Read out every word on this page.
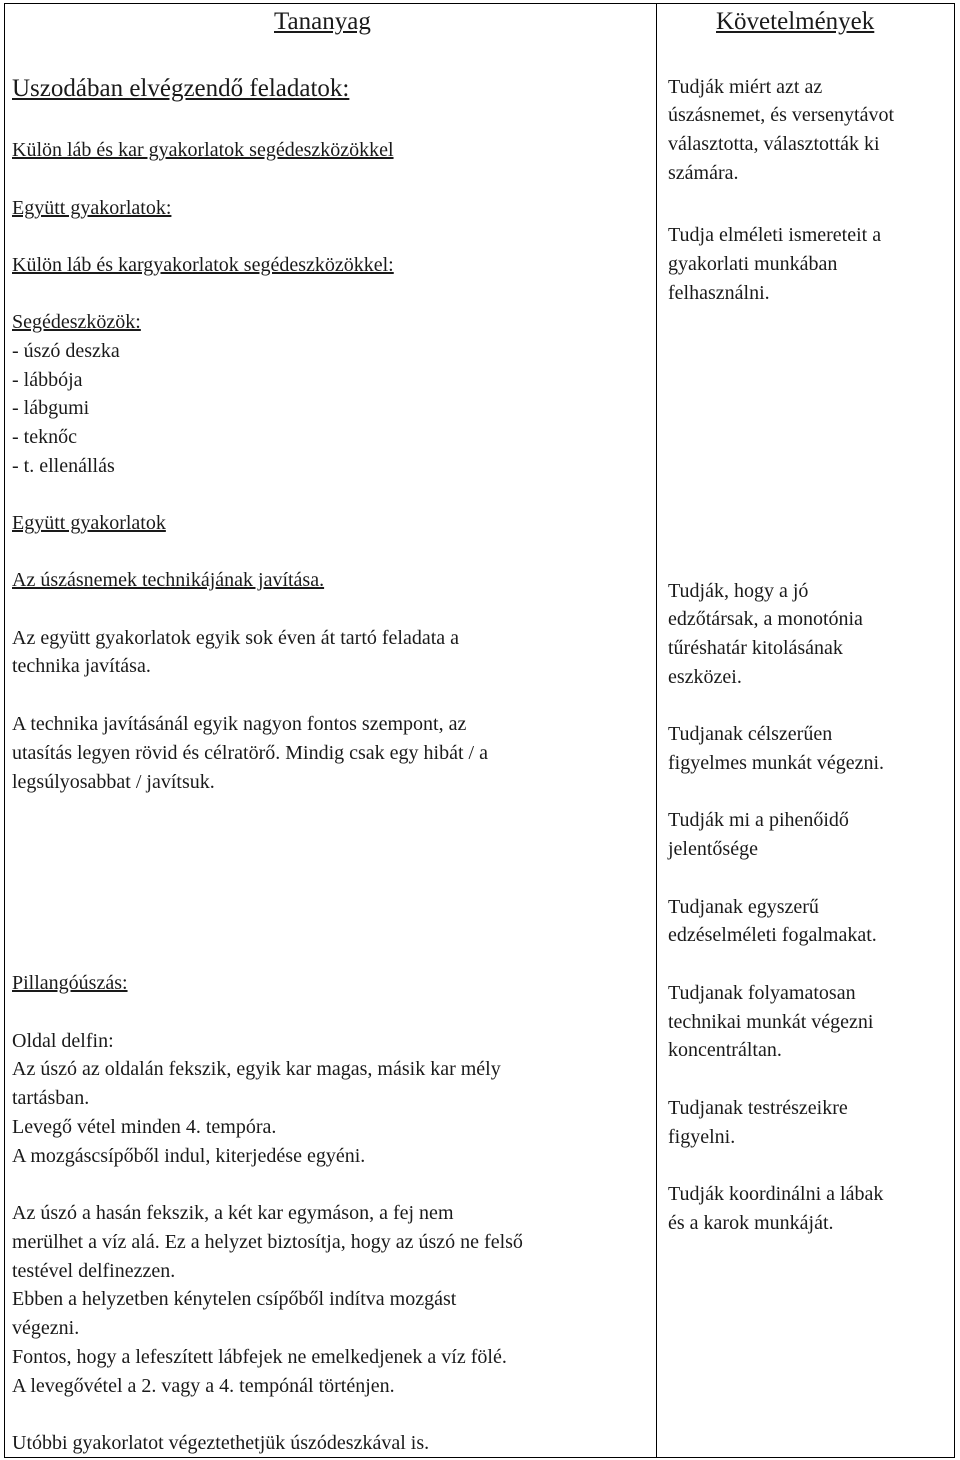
Tananyag	Követelmények
Uszodában elvégzendő feladatok:
Külön láb és kar gyakorlatok segédeszközökkel
Együtt gyakorlatok:
Külön láb és kargyakorlatok segédeszközökkel:
Segédeszközök:
- úszó deszka
- lábbója
- lábgumi
- teknőc
- t. ellenállás
Együtt gyakorlatok
Az úszásnemek technikájának javítása.
Az együtt gyakorlatok egyik sok éven át tartó feladata a
technika javítása.
A technika javításánál egyik nagyon fontos szempont, az
utasítás legyen rövid és célratörő. Mindig csak egy hibát / a
legsúlyosabbat / javítsuk.
Pillangóúszás:
Oldal delfin:
Az úszó az oldalán fekszik, egyik kar magas, másik kar mély
tartásban.
Levegő vétel minden 4. tempóra.
A mozgáscsípőből indul, kiterjedése egyéni.
Az úszó a hasán fekszik, a két kar egymáson, a fej nem
merülhet a víz alá. Ez a helyzet biztosítja, hogy az úszó ne felső
testével delfinezzen.
Ebben a helyzetben kénytelen csípőből indítva mozgást
végezni.
Fontos, hogy a lefeszített lábfejek ne emelkedjenek a víz fölé.
A levegővétel a 2. vagy a 4. tempónál történjen.
Utóbbi gyakorlatot végeztethetjük úszódeszkával is.
Tudják miért azt az
úszásnemet, és versenytávot
választotta, választották ki
számára.
Tudja elméleti ismereteit a
gyakorlati munkában
felhasználni.
Tudják, hogy a jó
edzőtársak, a monotónia
tűréshatár kitolásának
eszközei.
Tudjanak célszerűen
figyelmes munkát végezni.
Tudják mi a pihenőidő
jelentősége
Tudjanak egyszerű
edzéselméleti fogalmakat.
Tudjanak folyamatosan
technikai munkát végezni
koncentráltan.
Tudjanak testrészeikre
figyelni.
Tudják koordinálni a lábak
és a karok munkáját.
